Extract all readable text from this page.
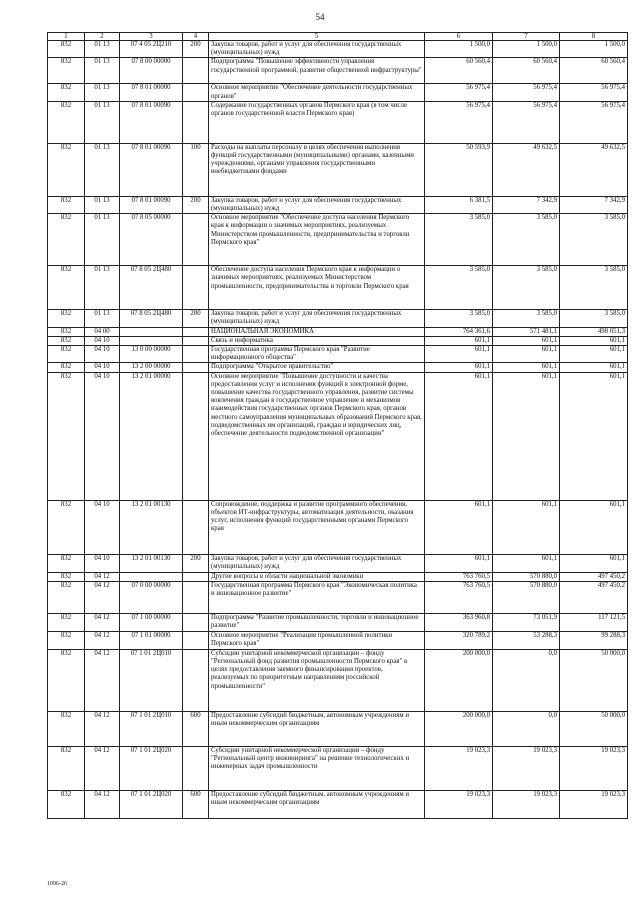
54
1	2	3	4	5	6	7	8
832	01 13	07 4 05 2Ц210	200	Закупка товаров, работ и услуг для обеспечения государственных (муниципальных) нужд	1 500,0	1 500,0	1 500,0
832	01 13	07 8 00 00000		Подпрограмма "Повышение эффективности управления государственной программой, развитие общественной инфраструктуры"	60 560,4	60 560,4	60 560,4
832	01 13	07 8 01 00000		Основное мероприятие "Обеспечение деятельности государственных органов"	56 975,4	56 975,4	56 975,4
832	01 13	07 8 01 00090		Содержание государственных органов Пермского края (в том числе органов государственной власти Пермского края)	56 975,4	56 975,4	56 975,4
832	01 13	07 8 01 00090	100	Расходы на выплаты персоналу в целях обеспечения выполнения функций государственными (муниципальными) органами, казенными учреждениями, органами управления государственными внебюджетными фондами	50 593,9	49 632,5	49 632,5
832	01 13	07 8 01 00090	200	Закупка товаров, работ и услуг для обеспечения государственных (муниципальных) нужд	6 381,5	7 342,9	7 342,9
832	01 13	07 8 05 00000		Основное мероприятие "Обеспечение доступа населения Пермского края к информации о значимых мероприятиях, реализуемых Министерством промышленности, предпринимательства и торговли Пермского края"	3 585,0	3 585,0	3 585,0
832	01 13	07 8 05 2Ц480		Обеспечение доступа населения Пермского края к информации о значимых мероприятиях, реализуемых Министерством промышленности, предпринимательства и торговли Пермского края	3 585,0	3 585,0	3 585,0
832	01 13	07 8 05 2Ц480	200	Закупка товаров, работ и услуг для обеспечения государственных (муниципальных) нужд	3 585,0	3 585,0	3 585,0
832	04 00			НАЦИОНАЛЬНАЯ ЭКОНОМИКА	764 361,6	571 481,1	498 051,3
832	04 10			Связь и информатика	601,1	601,1	601,1
832	04 10	13 0 00 00000		Государственная программа Пермского края "Развитие информационного общества"	601,1	601,1	601,1
832	04 10	13 2 00 00000		Подпрограмма "Открытое правительство"	601,1	601,1	601,1
832	04 10	13 2 01 00000		Основное мероприятие "Повышение доступности и качества предоставления услуг и исполнения функций в электронной форме, повышение качества государственного управления, развитие системы вовлечения граждан в государственное управление и механизмов взаимодействия государственных органов Пермского края, органов местного самоуправления муниципальных образований Пермского края, подведомственных им организаций, граждан и юридических лиц, обеспечение деятельности подведомственной организации"	601,1	601,1	601,1
832	04 10	13 2 01 00130		Сопровождение, поддержка и развитие программного обеспечения, объектов ИТ-инфраструктуры, автоматизация деятельности, оказания услуг, исполнения функций государственными органами Пермского края	601,1	601,1	601,1
832	04 10	13 2 01 00130	200	Закупка товаров, работ и услуг для обеспечения государственных (муниципальных) нужд	601,1	601,1	601,1
832	04 12			Другие вопросы в области национальной экономики	763 760,5	570 880,0	497 450,2
832	04 12	07 0 00 00000		Государственная программа Пермского края "Экономическая политика и инновационное развитие"	763 760,5	570 880,0	497 450,2
832	04 12	07 1 00 00000		Подпрограмма "Развитие промышленности, торговли и инновационное развитие"	363 960,8	73 051,9	117 121,5
832	04 12	07 1 01 00000		Основное мероприятие "Реализация промышленной политики Пермского края"	320 789,2	53 288,3	99 288,3
832	04 12	07 1 01 2Ц010		Субсидии унитарной некоммерческой организации – фонду "Региональный фонд развития промышленности Пермского края" в целях предоставления заемного финансирования проектов, реализуемых по приоритетным направлениям российской промышленности"	200 000,0	0,0	50 000,0
832	04 12	07 1 01 2Ц010	600	Предоставление субсидий бюджетным, автономным учреждениям и иным некоммерческим организациям	200 000,0	0,0	50 000,0
832	04 12	07 1 01 2Ц020		Субсидии унитарной некоммерческой организации – фонду "Региональный центр инжиниринга" на решение технологических и инженерных задач промышленности	19 023,3	19 023,3	19 023,3
832	04 12	07 1 01 2Ц020	600	Предоставление субсидий бюджетным, автономным учреждениям и иным некоммерческим организациям	19 023,3	19 023,3	19 023,3
1096-26
